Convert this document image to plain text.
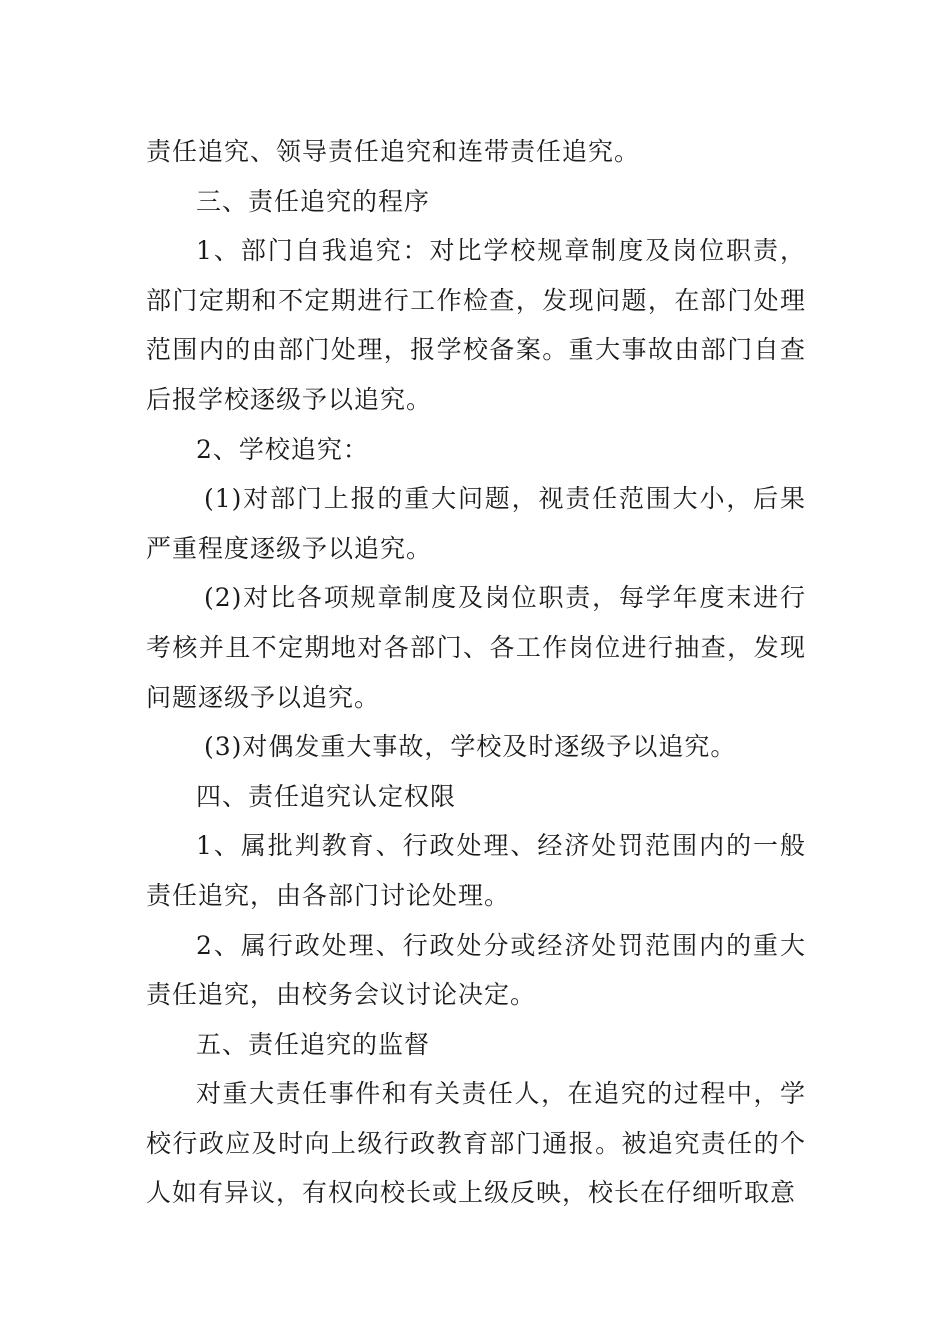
责任追究、领导责任追究和连带责任追究。

三、责任追究的程序

1、部门自我追究：对比学校规章制度及岗位职责，部门定期和不定期进行工作检查，发现问题，在部门处理范围内的由部门处理，报学校备案。重大事故由部门自查后报学校逐级予以追究。

2、学校追究：

(1)对部门上报的重大问题，视责任范围大小，后果严重程度逐级予以追究。

(2)对比各项规章制度及岗位职责，每学年度末进行考核并且不定期地对各部门、各工作岗位进行抽查，发现问题逐级予以追究。

(3)对偶发重大事故，学校及时逐级予以追究。

四、责任追究认定权限

1、属批判教育、行政处理、经济处罚范围内的一般责任追究，由各部门讨论处理。

2、属行政处理、行政处分或经济处罚范围内的重大责任追究，由校务会议讨论决定。

五、责任追究的监督

对重大责任事件和有关责任人，在追究的过程中，学校行政应及时向上级行政教育部门通报。被追究责任的个人如有异议，有权向校长或上级反映，校长在仔细听取意
